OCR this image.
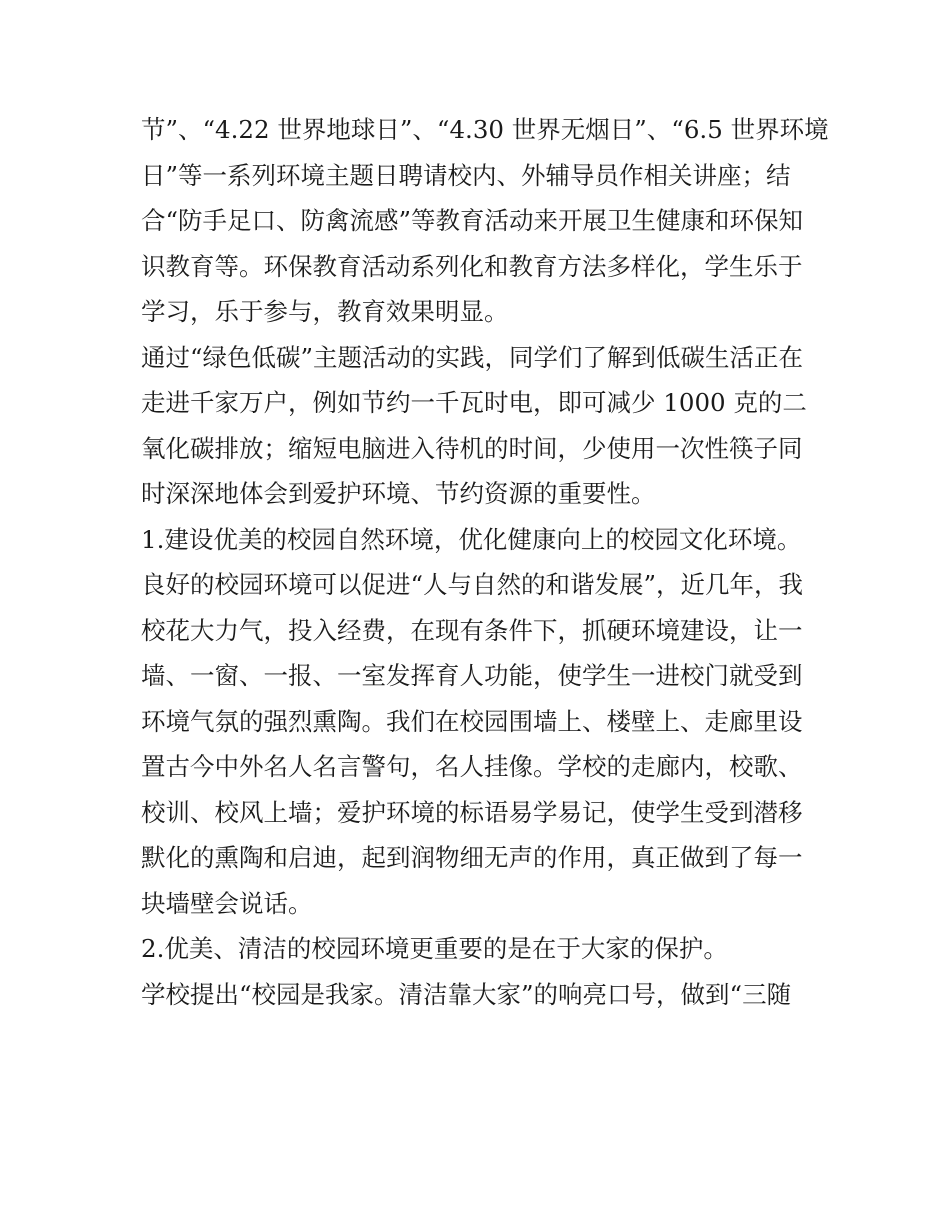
节”、“4.22 世界地球日”、“4.30 世界无烟日”、“6.5 世界环境
日”等一系列环境主题日聘请校内、外辅导员作相关讲座；结
合“防手足口、防禽流感”等教育活动来开展卫生健康和环保知
识教育等。环保教育活动系列化和教育方法多样化，学生乐于
学习，乐于参与，教育效果明显。
通过“绿色低碳”主题活动的实践，同学们了解到低碳生活正在
走进千家万户，例如节约一千瓦时电，即可减少 1000 克的二
氧化碳排放；缩短电脑进入待机的时间，少使用一次性筷子同
时深深地体会到爱护环境、节约资源的重要性。
1.建设优美的校园自然环境，优化健康向上的校园文化环境。
良好的校园环境可以促进“人与自然的和谐发展”，近几年，我
校花大力气，投入经费，在现有条件下，抓硬环境建设，让一
墙、一窗、一报、一室发挥育人功能，使学生一进校门就受到
环境气氛的强烈熏陶。我们在校园围墙上、楼壁上、走廊里设
置古今中外名人名言警句，名人挂像。学校的走廊内，校歌、
校训、校风上墙；爱护环境的标语易学易记，使学生受到潜移
默化的熏陶和启迪，起到润物细无声的作用，真正做到了每一
块墙壁会说话。
2.优美、清洁的校园环境更重要的是在于大家的保护。
学校提出“校园是我家。清洁靠大家”的响亮口号，做到“三随
